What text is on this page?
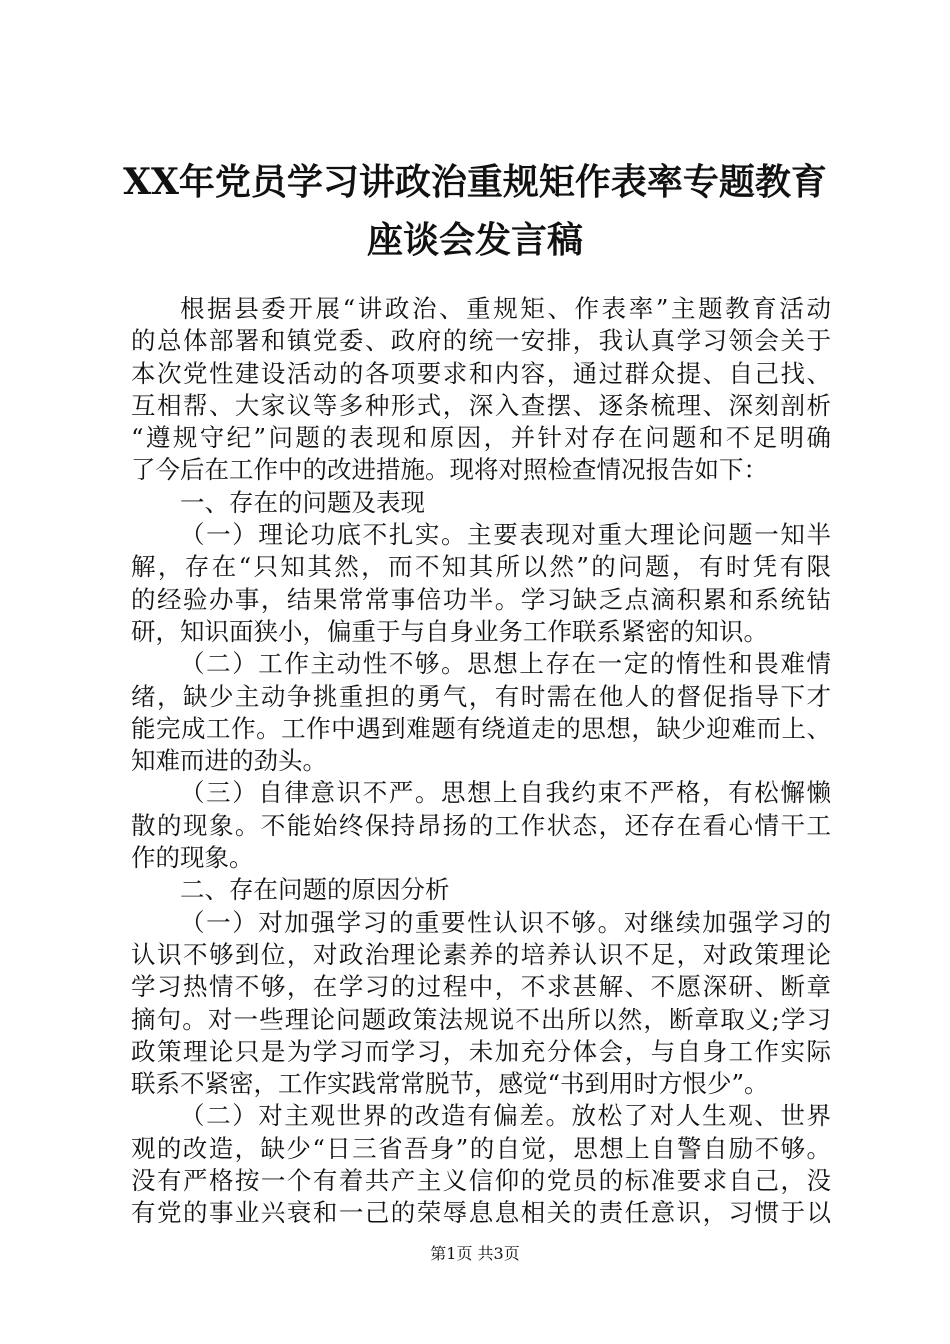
XX年党员学习讲政治重规矩作表率专题教育
座谈会发言稿
根据县委开展“讲政治、重规矩、作表率”主题教育活动
的总体部署和镇党委、政府的统一安排，我认真学习领会关于
本次党性建设活动的各项要求和内容，通过群众提、自己找、
互相帮、大家议等多种形式，深入查摆、逐条梳理、深刻剖析
“遵规守纪”问题的表现和原因，并针对存在问题和不足明确
了今后在工作中的改进措施。现将对照检查情况报告如下：
一、存在的问题及表现
（一）理论功底不扎实。主要表现对重大理论问题一知半
解，存在“只知其然，而不知其所以然”的问题，有时凭有限
的经验办事，结果常常事倍功半。学习缺乏点滴积累和系统钻
研，知识面狭小，偏重于与自身业务工作联系紧密的知识。
（二）工作主动性不够。思想上存在一定的惰性和畏难情
绪，缺少主动争挑重担的勇气，有时需在他人的督促指导下才
能完成工作。工作中遇到难题有绕道走的思想，缺少迎难而上、
知难而进的劲头。
（三）自律意识不严。思想上自我约束不严格，有松懈懒
散的现象。不能始终保持昂扬的工作状态，还存在看心情干工
作的现象。
二、存在问题的原因分析
（一）对加强学习的重要性认识不够。对继续加强学习的
认识不够到位，对政治理论素养的培养认识不足，对政策理论
学习热情不够，在学习的过程中，不求甚解、不愿深研、断章
摘句。对一些理论问题政策法规说不出所以然，断章取义;学习
政策理论只是为学习而学习，未加充分体会，与自身工作实际
联系不紧密，工作实践常常脱节，感觉“书到用时方恨少”。
（二）对主观世界的改造有偏差。放松了对人生观、世界
观的改造，缺少“日三省吾身”的自觉，思想上自警自励不够。
没有严格按一个有着共产主义信仰的党员的标准要求自己，没
有党的事业兴衰和一己的荣辱息息相关的责任意识，习惯于以
第1页 共3页
